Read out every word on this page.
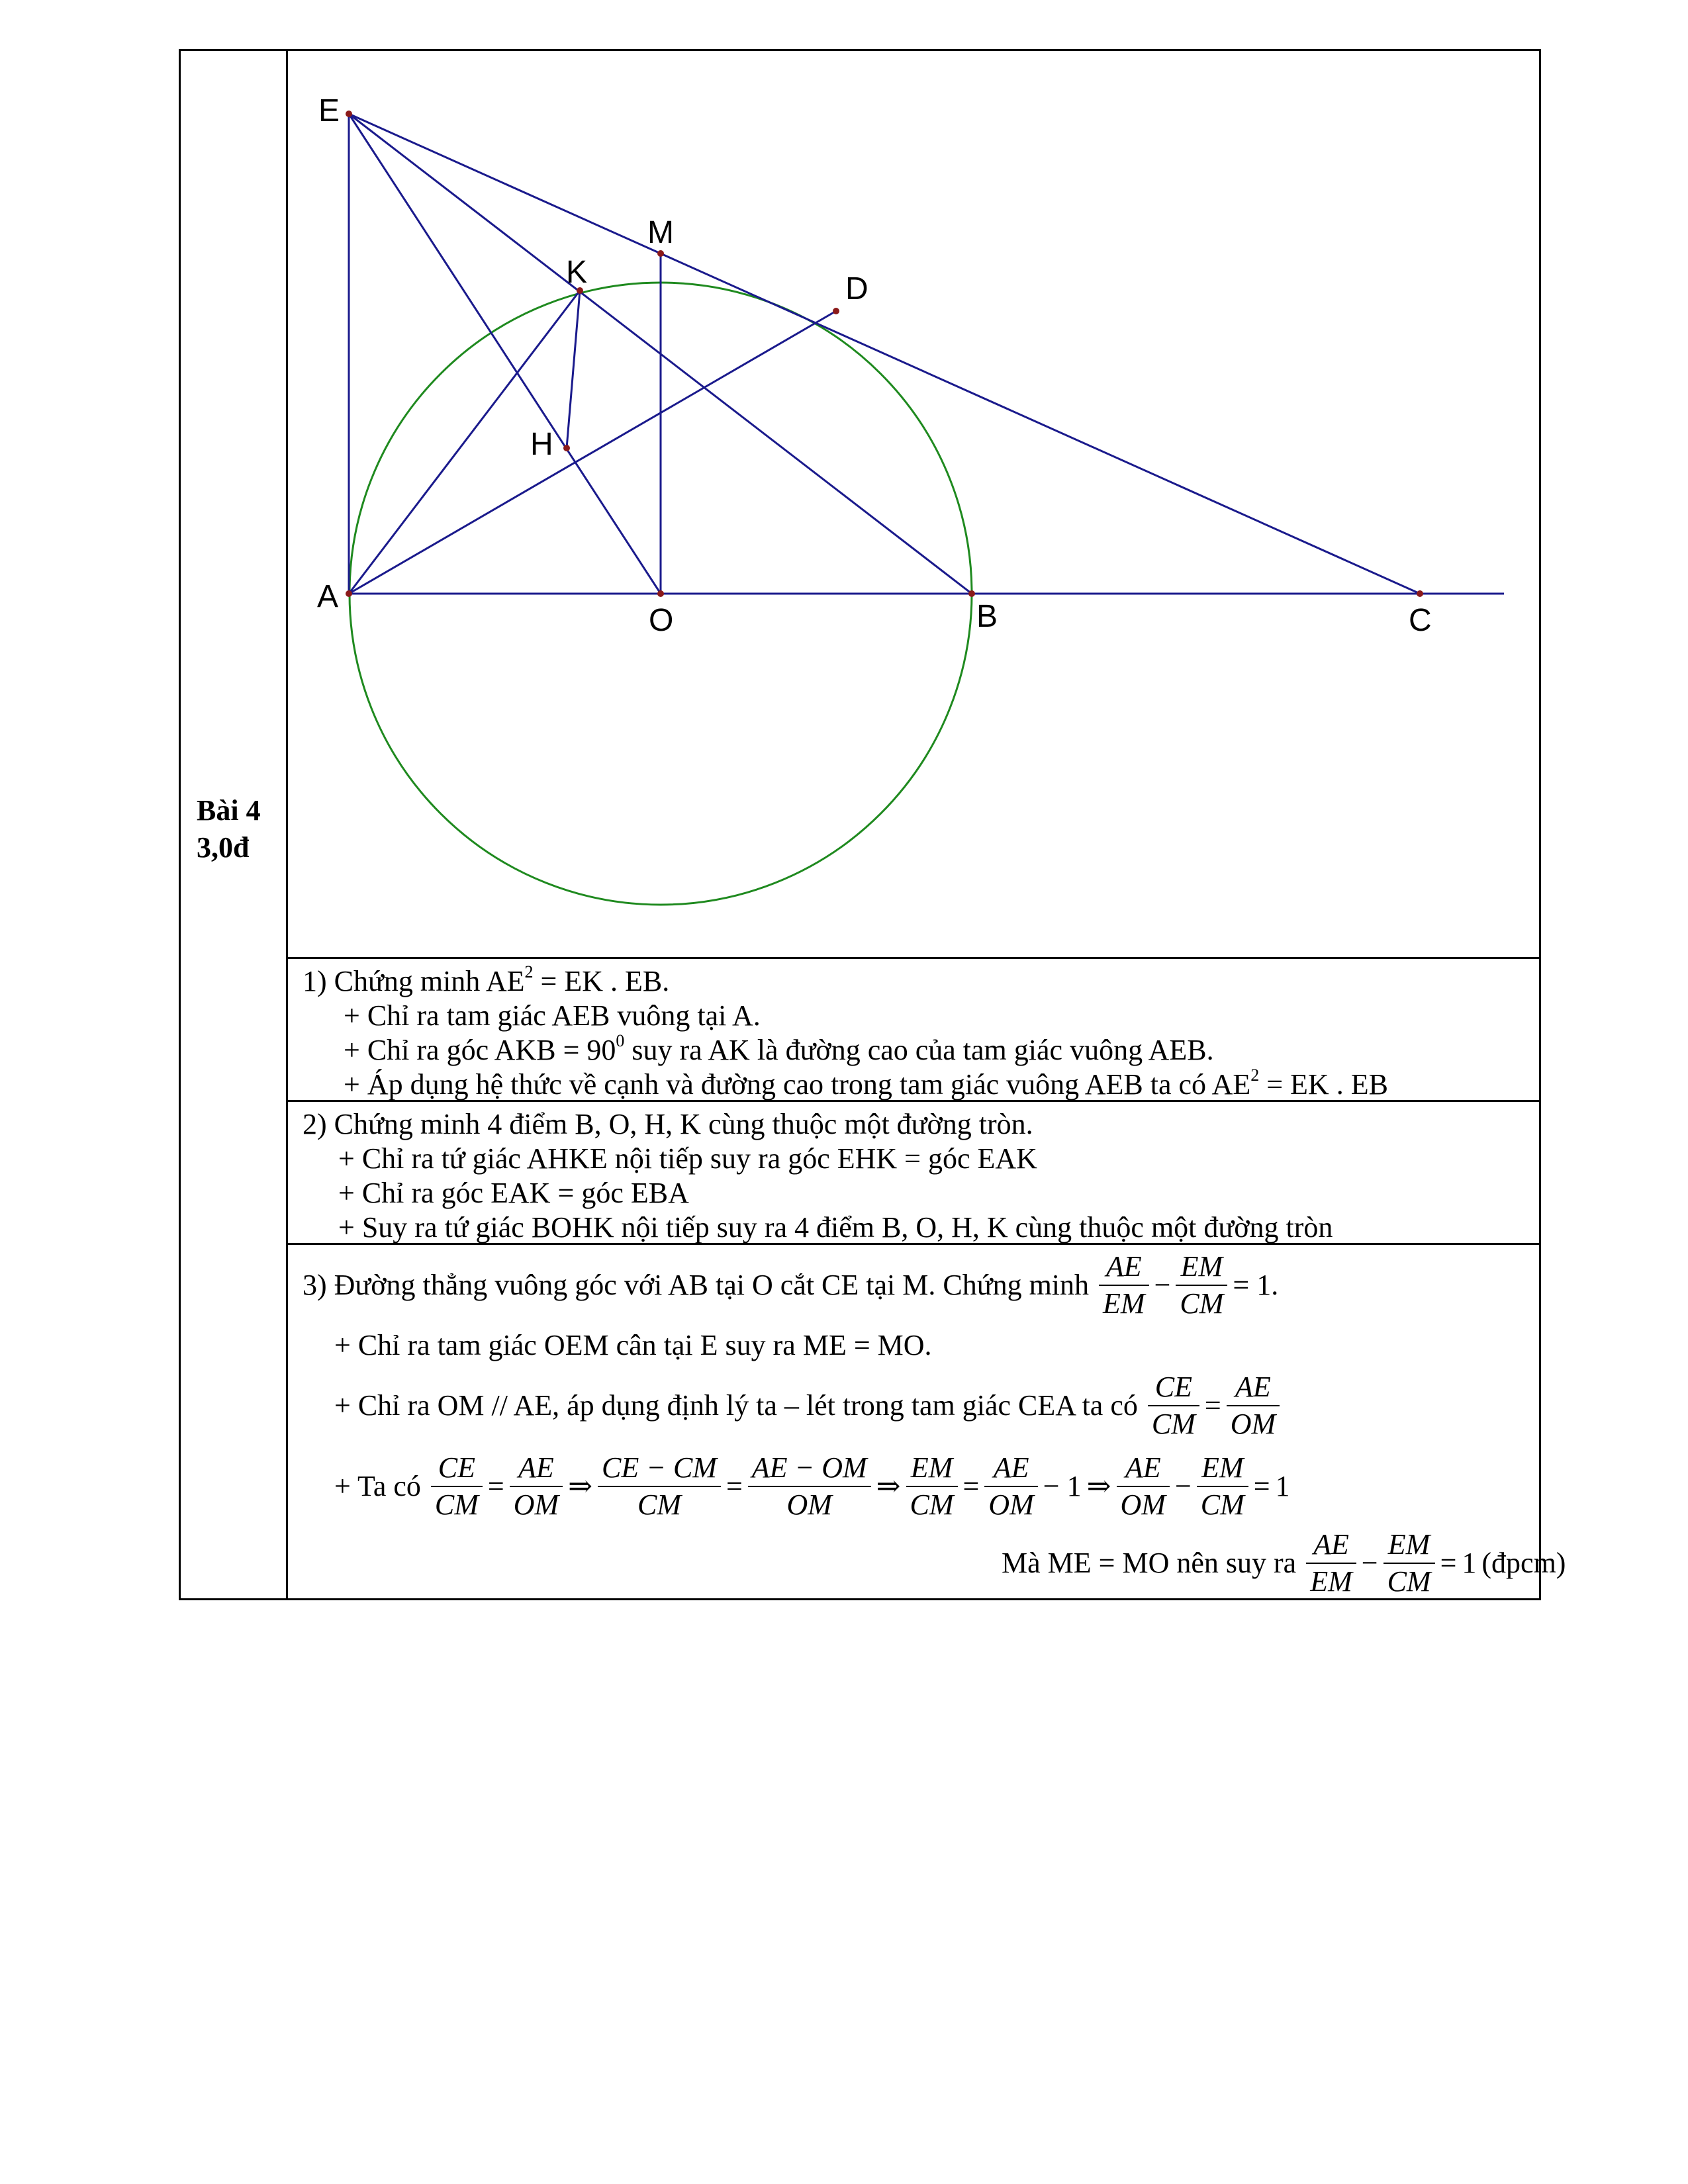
Bài 4
3,0đ
E
M
K	D
H
A
O	B	C
1) Chứng minh $AE^2$ = EK . EB.
+ Chỉ ra tam giác AEB vuông tại A.
+ Chỉ ra góc AKB = $90^0$ suy ra AK là đường cao của tam giác vuông AEB.
+ Áp dụng hệ thức về cạnh và đường cao trong tam giác vuông AEB ta có $AE^2$ = EK . EB
2) Chứng minh 4 điểm B, O, H, K cùng thuộc một đường tròn.
+ Chỉ ra tứ giác AHKE nội tiếp suy ra góc EHK = góc EAK
+ Chỉ ra góc EAK = góc EBA
+ Suy ra tứ giác BOHK nội tiếp suy ra 4 điểm B, O, H, K cùng thuộc một đường tròn
3) Đường thẳng vuông góc với AB tại O cắt CE tại M. Chứng minh $\frac{AE}{EM} - \frac{EM}{CM} = 1$.
+ Chỉ ra tam giác OEM cân tại E suy ra ME = MO.
+ Chỉ ra OM // AE, áp dụng định lý ta – lét trong tam giác CEA ta có $\frac{CE}{CM} = \frac{AE}{OM}$
+ Ta có $\frac{CE}{CM} = \frac{AE}{OM}$ ⇒ $\frac{CE - CM}{CM} = \frac{AE - OM}{OM}$ ⇒ $\frac{EM}{CM} = \frac{AE}{OM} - 1$ ⇒ $\frac{AE}{OM} - \frac{EM}{CM} = 1$
Mà ME = MO nên suy ra $\frac{AE}{EM} - \frac{EM}{CM} = 1$ (đpcm)
